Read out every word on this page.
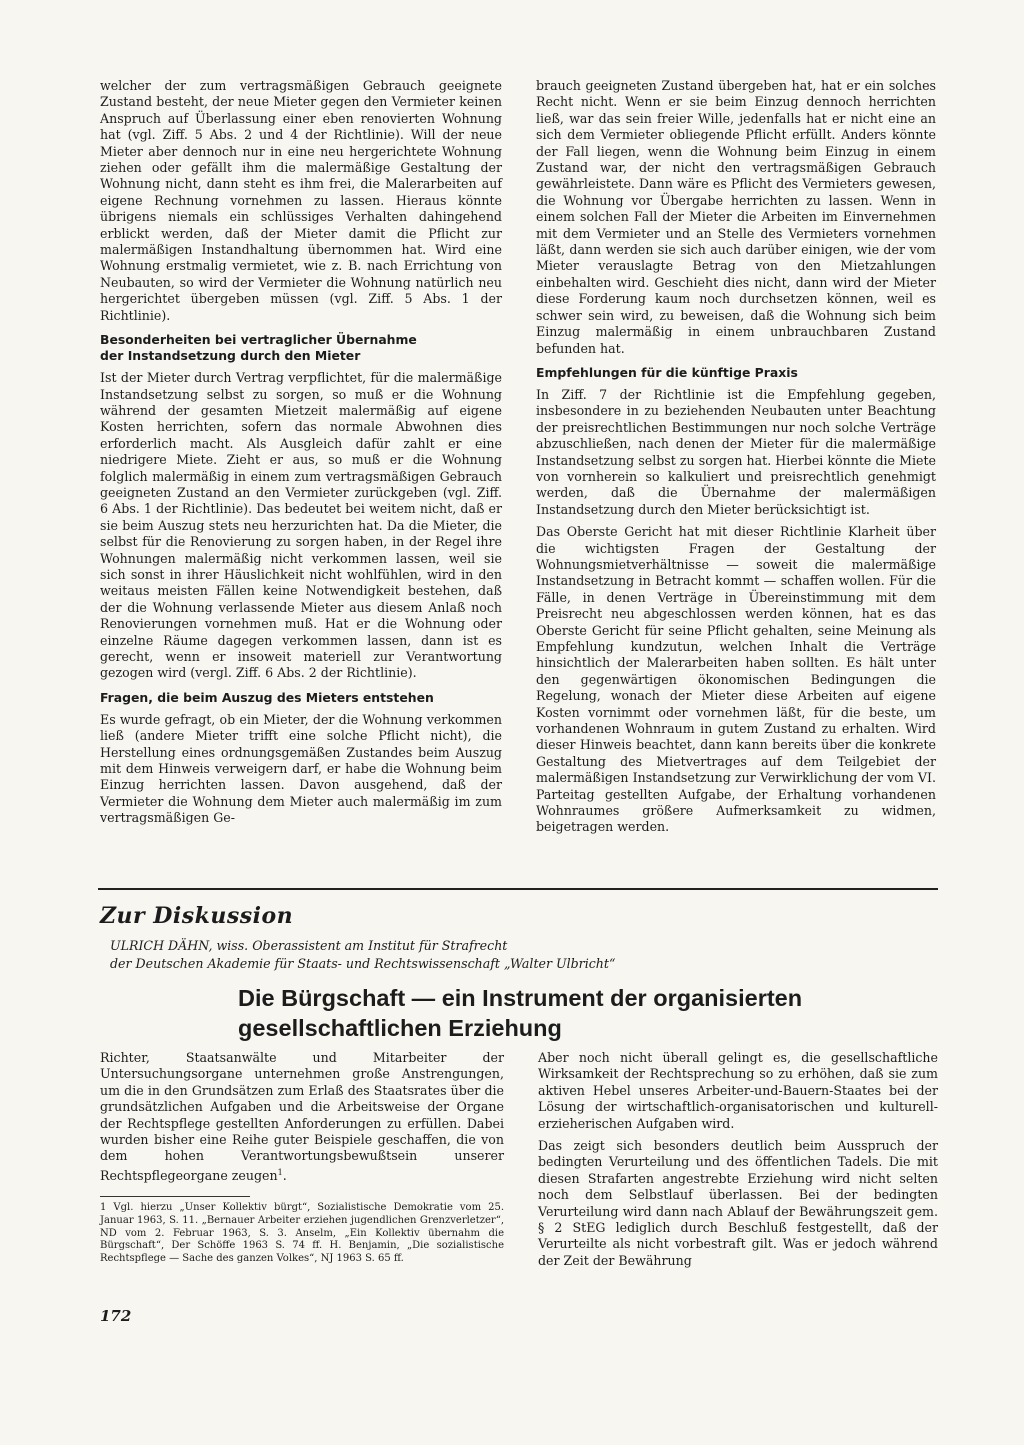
welcher der zum vertragsmäßigen Gebrauch geeignete Zustand besteht, der neue Mieter gegen den Vermieter keinen Anspruch auf Überlassung einer eben renovierten Wohnung hat (vgl. Ziff. 5 Abs. 2 und 4 der Richtlinie). Will der neue Mieter aber dennoch nur in eine neu hergerichtete Wohnung ziehen oder gefällt ihm die malermäßige Gestaltung der Wohnung nicht, dann steht es ihm frei, die Malerarbeiten auf eigene Rechnung vornehmen zu lassen. Hieraus könnte übrigens niemals ein schlüssiges Verhalten dahingehend erblickt werden, daß der Mieter damit die Pflicht zur malermäßigen Instandhaltung übernommen hat. Wird eine Wohnung erstmalig vermietet, wie z. B. nach Errichtung von Neubauten, so wird der Vermieter die Wohnung natürlich neu hergerichtet übergeben müssen (vgl. Ziff. 5 Abs. 1 der Richtlinie).

Besonderheiten bei vertraglicher Übernahme
der Instandsetzung durch den Mieter

Ist der Mieter durch Vertrag verpflichtet, für die malermäßige Instandsetzung selbst zu sorgen, so muß er die Wohnung während der gesamten Mietzeit malermäßig auf eigene Kosten herrichten, sofern das normale Abwohnen dies erforderlich macht. Als Ausgleich dafür zahlt er eine niedrigere Miete. Zieht er aus, so muß er die Wohnung folglich malermäßig in einem zum vertragsmäßigen Gebrauch geeigneten Zustand an den Vermieter zurückgeben (vgl. Ziff. 6 Abs. 1 der Richtlinie). Das bedeutet bei weitem nicht, daß er sie beim Auszug stets neu herzurichten hat. Da die Mieter, die selbst für die Renovierung zu sorgen haben, in der Regel ihre Wohnungen malermäßig nicht verkommen lassen, weil sie sich sonst in ihrer Häuslichkeit nicht wohlfühlen, wird in den weitaus meisten Fällen keine Notwendigkeit bestehen, daß der die Wohnung verlassende Mieter aus diesem Anlaß noch Renovierungen vornehmen muß. Hat er die Wohnung oder einzelne Räume dagegen verkommen lassen, dann ist es gerecht, wenn er insoweit materiell zur Verantwortung gezogen wird (vergl. Ziff. 6 Abs. 2 der Richtlinie).

Fragen, die beim Auszug des Mieters entstehen

Es wurde gefragt, ob ein Mieter, der die Wohnung verkommen ließ (andere Mieter trifft eine solche Pflicht nicht), die Herstellung eines ordnungsgemäßen Zustandes beim Auszug mit dem Hinweis verweigern darf, er habe die Wohnung beim Einzug herrichten lassen. Davon ausgehend, daß der Vermieter die Wohnung dem Mieter auch malermäßig im zum vertragsmäßigen Ge-

brauch geeigneten Zustand übergeben hat, hat er ein solches Recht nicht. Wenn er sie beim Einzug dennoch herrichten ließ, war das sein freier Wille, jedenfalls hat er nicht eine an sich dem Vermieter obliegende Pflicht erfüllt. Anders könnte der Fall liegen, wenn die Wohnung beim Einzug in einem Zustand war, der nicht den vertragsmäßigen Gebrauch gewährleistete. Dann wäre es Pflicht des Vermieters gewesen, die Wohnung vor Übergabe herrichten zu lassen. Wenn in einem solchen Fall der Mieter die Arbeiten im Einvernehmen mit dem Vermieter und an Stelle des Vermieters vornehmen läßt, dann werden sie sich auch darüber einigen, wie der vom Mieter verauslagte Betrag von den Mietzahlungen einbehalten wird. Geschieht dies nicht, dann wird der Mieter diese Forderung kaum noch durchsetzen können, weil es schwer sein wird, zu beweisen, daß die Wohnung sich beim Einzug malermäßig in einem unbrauchbaren Zustand befunden hat.

Empfehlungen für die künftige Praxis

In Ziff. 7 der Richtlinie ist die Empfehlung gegeben, insbesondere in zu beziehenden Neubauten unter Beachtung der preisrechtlichen Bestimmungen nur noch solche Verträge abzuschließen, nach denen der Mieter für die malermäßige Instandsetzung selbst zu sorgen hat. Hierbei könnte die Miete von vornherein so kalkuliert und preisrechtlich genehmigt werden, daß die Übernahme der malermäßigen Instandsetzung durch den Mieter berücksichtigt ist.

Das Oberste Gericht hat mit dieser Richtlinie Klarheit über die wichtigsten Fragen der Gestaltung der Wohnungsmietverhältnisse — soweit die malermäßige Instandsetzung in Betracht kommt — schaffen wollen. Für die Fälle, in denen Verträge in Übereinstimmung mit dem Preisrecht neu abgeschlossen werden können, hat es das Oberste Gericht für seine Pflicht gehalten, seine Meinung als Empfehlung kundzutun, welchen Inhalt die Verträge hinsichtlich der Malerarbeiten haben sollten. Es hält unter den gegenwärtigen ökonomischen Bedingungen die Regelung, wonach der Mieter diese Arbeiten auf eigene Kosten vornimmt oder vornehmen läßt, für die beste, um vorhandenen Wohnraum in gutem Zustand zu erhalten. Wird dieser Hinweis beachtet, dann kann bereits über die konkrete Gestaltung des Mietvertrages auf dem Teilgebiet der malermäßigen Instandsetzung zur Verwirklichung der vom VI. Parteitag gestellten Aufgabe, der Erhaltung vorhandenen Wohnraumes größere Aufmerksamkeit zu widmen, beigetragen werden.

Zur Diskussion
ULRICH DÄHN, wiss. Oberassistent am Institut für Strafrecht
der Deutschen Akademie für Staats- und Rechtswissenschaft „Walter Ulbricht“
Die Bürgschaft — ein Instrument der organisierten
gesellschaftlichen Erziehung

Richter, Staatsanwälte und Mitarbeiter der Untersuchungsorgane unternehmen große Anstrengungen, um die in den Grundsätzen zum Erlaß des Staatsrates über die grundsätzlichen Aufgaben und die Arbeitsweise der Organe der Rechtspflege gestellten Anforderungen zu erfüllen. Dabei wurden bisher eine Reihe guter Beispiele geschaffen, die von dem hohen Verantwortungsbewußtsein unserer Rechtspflegeorgane zeugen$^1$.

1 Vgl. hierzu „Unser Kollektiv bürgt“, Sozialistische Demokratie vom 25. Januar 1963, S. 11. „Bernauer Arbeiter erziehen jugendlichen Grenzverletzer“, ND vom 2. Februar 1963, S. 3. Anselm, „Ein Kollektiv übernahm die Bürgschaft“, Der Schöffe 1963 S. 74 ff. H. Benjamin, „Die sozialistische Rechtspflege — Sache des ganzen Volkes“, NJ 1963 S. 65 ff.

Aber noch nicht überall gelingt es, die gesellschaftliche Wirksamkeit der Rechtsprechung so zu erhöhen, daß sie zum aktiven Hebel unseres Arbeiter-und-Bauern-Staates bei der Lösung der wirtschaftlich-organisatorischen und kulturell-erzieherischen Aufgaben wird.

Das zeigt sich besonders deutlich beim Ausspruch der bedingten Verurteilung und des öffentlichen Tadels. Die mit diesen Strafarten angestrebte Erziehung wird nicht selten noch dem Selbstlauf überlassen. Bei der bedingten Verurteilung wird dann nach Ablauf der Bewährungszeit gem. § 2 StEG lediglich durch Beschluß festgestellt, daß der Verurteilte als nicht vorbestraft gilt. Was er jedoch während der Zeit der Bewährung

172
